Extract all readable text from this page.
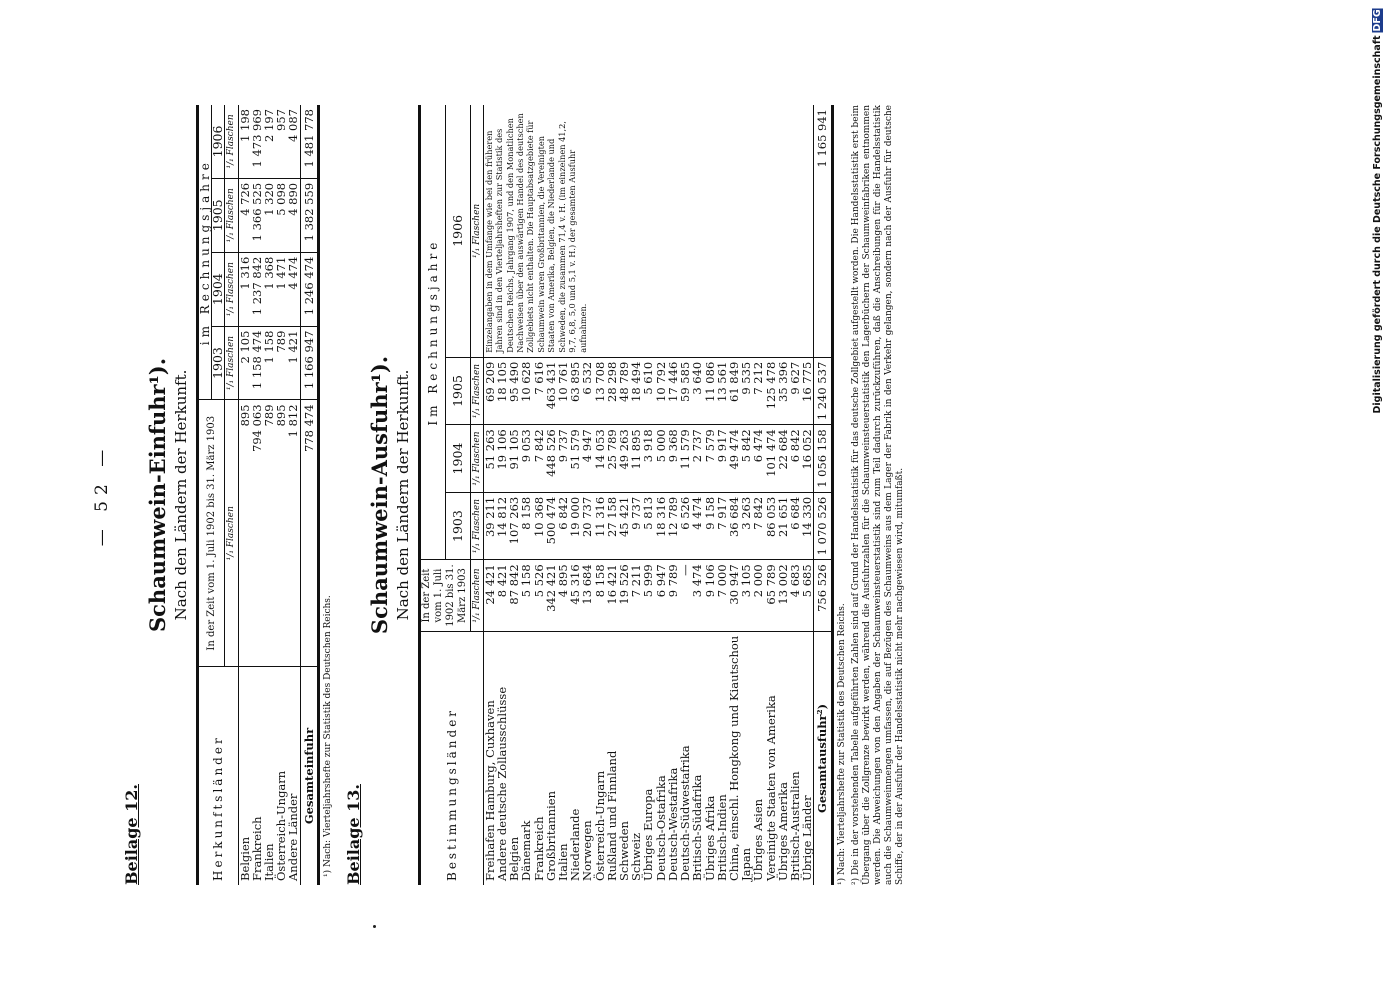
— 52 —
Beilage 12.
Schaumwein-Einfuhr¹). Nach den Ländern der Herkunft.
Herkunftsländer	In der Zeit vom 1. Juli 1902 bis 31. März 1903	im Rechnungsjahre			
		1903	1904	1905	1906
	¹/₁ Flaschen	¹/₁ Flaschen	¹/₁ Flaschen	¹/₁ Flaschen	¹/₁ Flaschen
Belgien	895	2 105	1 316	4 726	1 198
Frankreich	794 063	1 158 474	1 237 842	1 366 525	1 473 969
Italien	789	1 158	1 368	1 320	2 197
Österreich-Ungarn	895	789	1 471	5 098	957
Andere Länder	1 812	1 421	4 474	4 890	4 087
Gesamteinfuhr	778 474	1 166 947	1 246 474	1 382 559	1 481 778
¹) Nach: Vierteljahrshefte zur Statistik des Deutschen Reichs. Beilage 13.
Schaumwein-Ausfuhr¹). Nach den Ländern der Herkunft.
Bestimmungsländer	In der Zeit vom 1. Juli 1902 bis 31. März 1903	Im Rechnungsjahre			
		1903	1904	1905	1906
	¹/₁ Flaschen	¹/₁ Flaschen	¹/₁ Flaschen	¹/₁ Flaschen	¹/₁ Flaschen
Freihafen Hamburg, Cuxhaven	24 421	39 211	51 263	69 209	Einzelangaben in dem Umfange wie bei den früheren Jahren sind in den Vierteljahrsheften zur Statistik des Deutschen Reichs, Jahrgang 1907, und den Monatlichen Nachweisen über den auswärtigen Handel des deutschen Zollgebiets nicht enthalten. Die Hauptabsatzgebiete für Schaumwein waren Großbritannien, die Vereinigten Staaten von Amerika, Belgien, die Niederlande und Schweden, die zusammen 71,4 v. H. (im einzelnen 41,2, 9,7, 6,8, 5,0 und 5,1 v. H.) der gesamten Ausfuhr aufnahmen.
Andere deutsche Zollausschlüsse	8 421	14 812	19 106	18 105	
Belgien	87 842	107 263	91 105	95 490	
Dänemark	5 158	8 158	9 053	10 628	
Frankreich	5 526	10 368	7 842	7 616	
Großbritannien	342 421	500 474	448 526	463 431	
Italien	4 895	6 842	9 737	10 761	
Niederlande	45 316	19 000	51 579	63 895	
Norwegen	13 684	20 737	4 947	6 532	
Österreich-Ungarn	8 158	11 316	14 053	13 708	
Rußland und Finnland	16 421	27 158	25 789	28 298	
Schweden	19 526	45 421	49 263	48 789	
Schweiz	7 211	9 737	11 895	18 494	
Übriges Europa	5 999	5 813	3 918	5 610	
Deutsch-Ostafrika	6 947	18 316	5 000	10 792	
Deutsch-Westafrika	9 789	12 789	9 368	17 446	
Deutsch-Südwestafrika	—	6 526	11 579	59 585	
Britisch-Südafrika	3 474	4 474	2 737	3 640	
Übriges Afrika	9 106	9 158	7 579	11 086	
Britisch-Indien	7 000	7 917	9 917	13 561	
China, einschl. Hongkong und Kiautschou	30 947	36 684	49 474	61 849	
Japan	3 105	3 263	5 842	9 535	
Übriges Asien	2 000	7 842	6 474	7 212	
Vereinigte Staaten von Amerika	65 789	86 053	101 474	125 478	
Übriges Amerika	13 002	21 651	22 684	35 396	
Britisch-Australien	4 683	6 684	6 842	9 627	
Übrige Länder	5 685	14 330	16 052	16 775	
Gesamtausfuhr²)	756 526	1 070 526	1 056 158	1 240 537	1 165 941
¹) Nach: Vierteljahrshefte zur Statistik des Deutschen Reichs. ²) Die in der vorstehenden Tabelle aufgeführten Zahlen sind auf Grund der Handelsstatistik für das deutsche Zollgebiet aufgestellt worden. Die Handelsstatistik erst beim Übergang über die Zollgrenze bewirkt werden, während die Ausfuhrzahlen für die Schaumweinsteuerstatistik den Lagerbüchern der Schaumweinfabriken entnommen werden. Die Abweichungen von den Angaben der Schaumweinsteuerstatistik sind zum Teil dadurch zurückzuführen, daß die Anschreibungen für die Handelsstatistik auch die Schaumweinmengen umfassen, die auf Bezügen des Schaumweins aus dem Lager der Fabrik in den Verkehr gelangen, sondern nach der Ausfuhr für deutsche Schiffe, der in der Ausfuhr der Handelsstatistik nicht mehr nachgewiesen wird, mitumfaßt.
Digitalisierung gefördert durch die Deutsche Forschungsgemeinschaft DFG
